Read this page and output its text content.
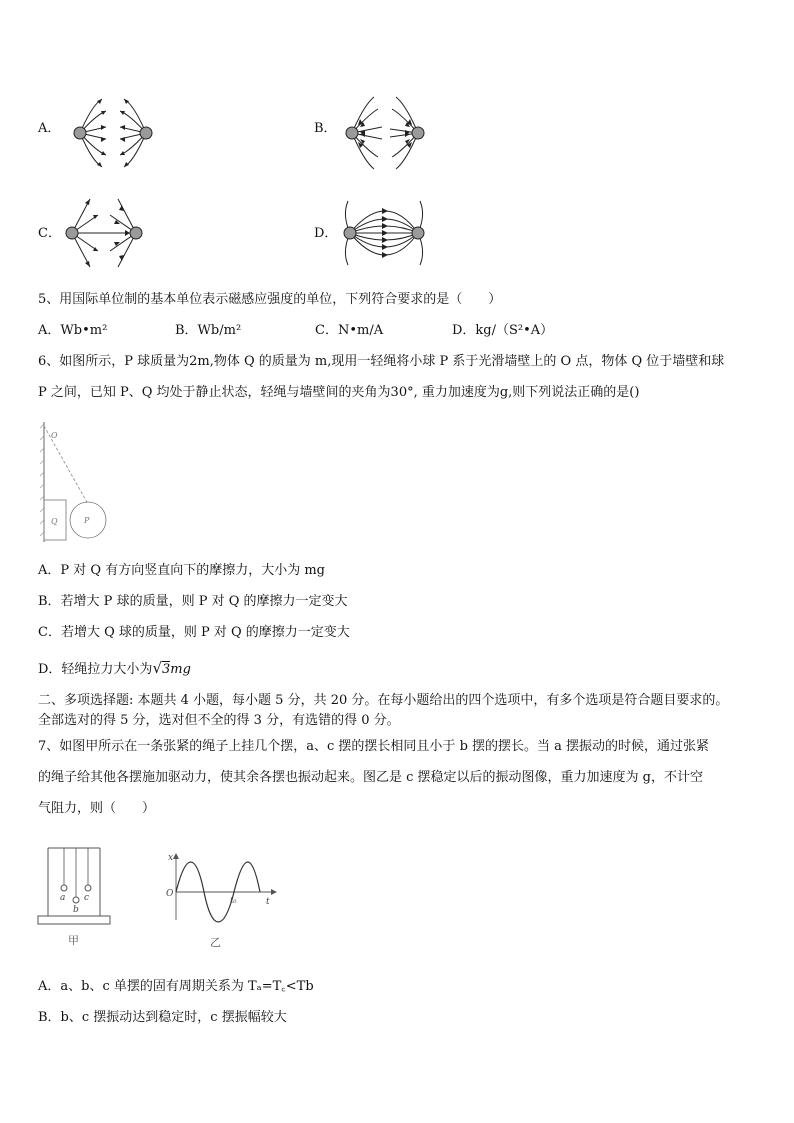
A．	B．
C．	D．
5、用国际单位制的基本单位表示磁感应强度的单位，下列符合要求的是（　　）
A．Wb•m²	B．Wb/m²	C．N•m/A	D．kg/（S²•A）
6、如图所示，P 球质量为2m,物体 Q 的质量为 m,现用一轻绳将小球 P 系于光滑墙壁上的 O 点，物体 Q 位于墙壁和球
P 之间，已知 P、Q 均处于静止状态，轻绳与墙壁间的夹角为30°, 重力加速度为g,则下列说法正确的是()
O
Q	P
A．P 对 Q 有方向竖直向下的摩擦力，大小为 mg
B．若增大 P 球的质量，则 P 对 Q 的摩擦力一定变大
C．若增大 Q 球的质量，则 P 对 Q 的摩擦力一定变大
D．轻绳拉力大小为√3mg
二、多项选择题: 本题共 4 小题，每小题 5 分，共 20 分。在每小题给出的四个选项中，有多个选项是符合题目要求的。
全部选对的得 5 分，选对但不全的得 3 分，有选错的得 0 分。
7、如图甲所示在一条张紧的绳子上挂几个摆，a、c 摆的摆长相同且小于 b 摆的摆长。当 a 摆振动的时候，通过张紧
的绳子给其他各摆施加驱动力，使其余各摆也振动起来。图乙是 c 摆稳定以后的振动图像，重力加速度为 g，不计空
气阻力，则（　　）
a
b
c
甲
x
t
O
t₀
乙
A．a、b、c 单摆的固有周期关系为 Tₐ=T꜀<Tb
B．b、c 摆振动达到稳定时，c 摆振幅较大
